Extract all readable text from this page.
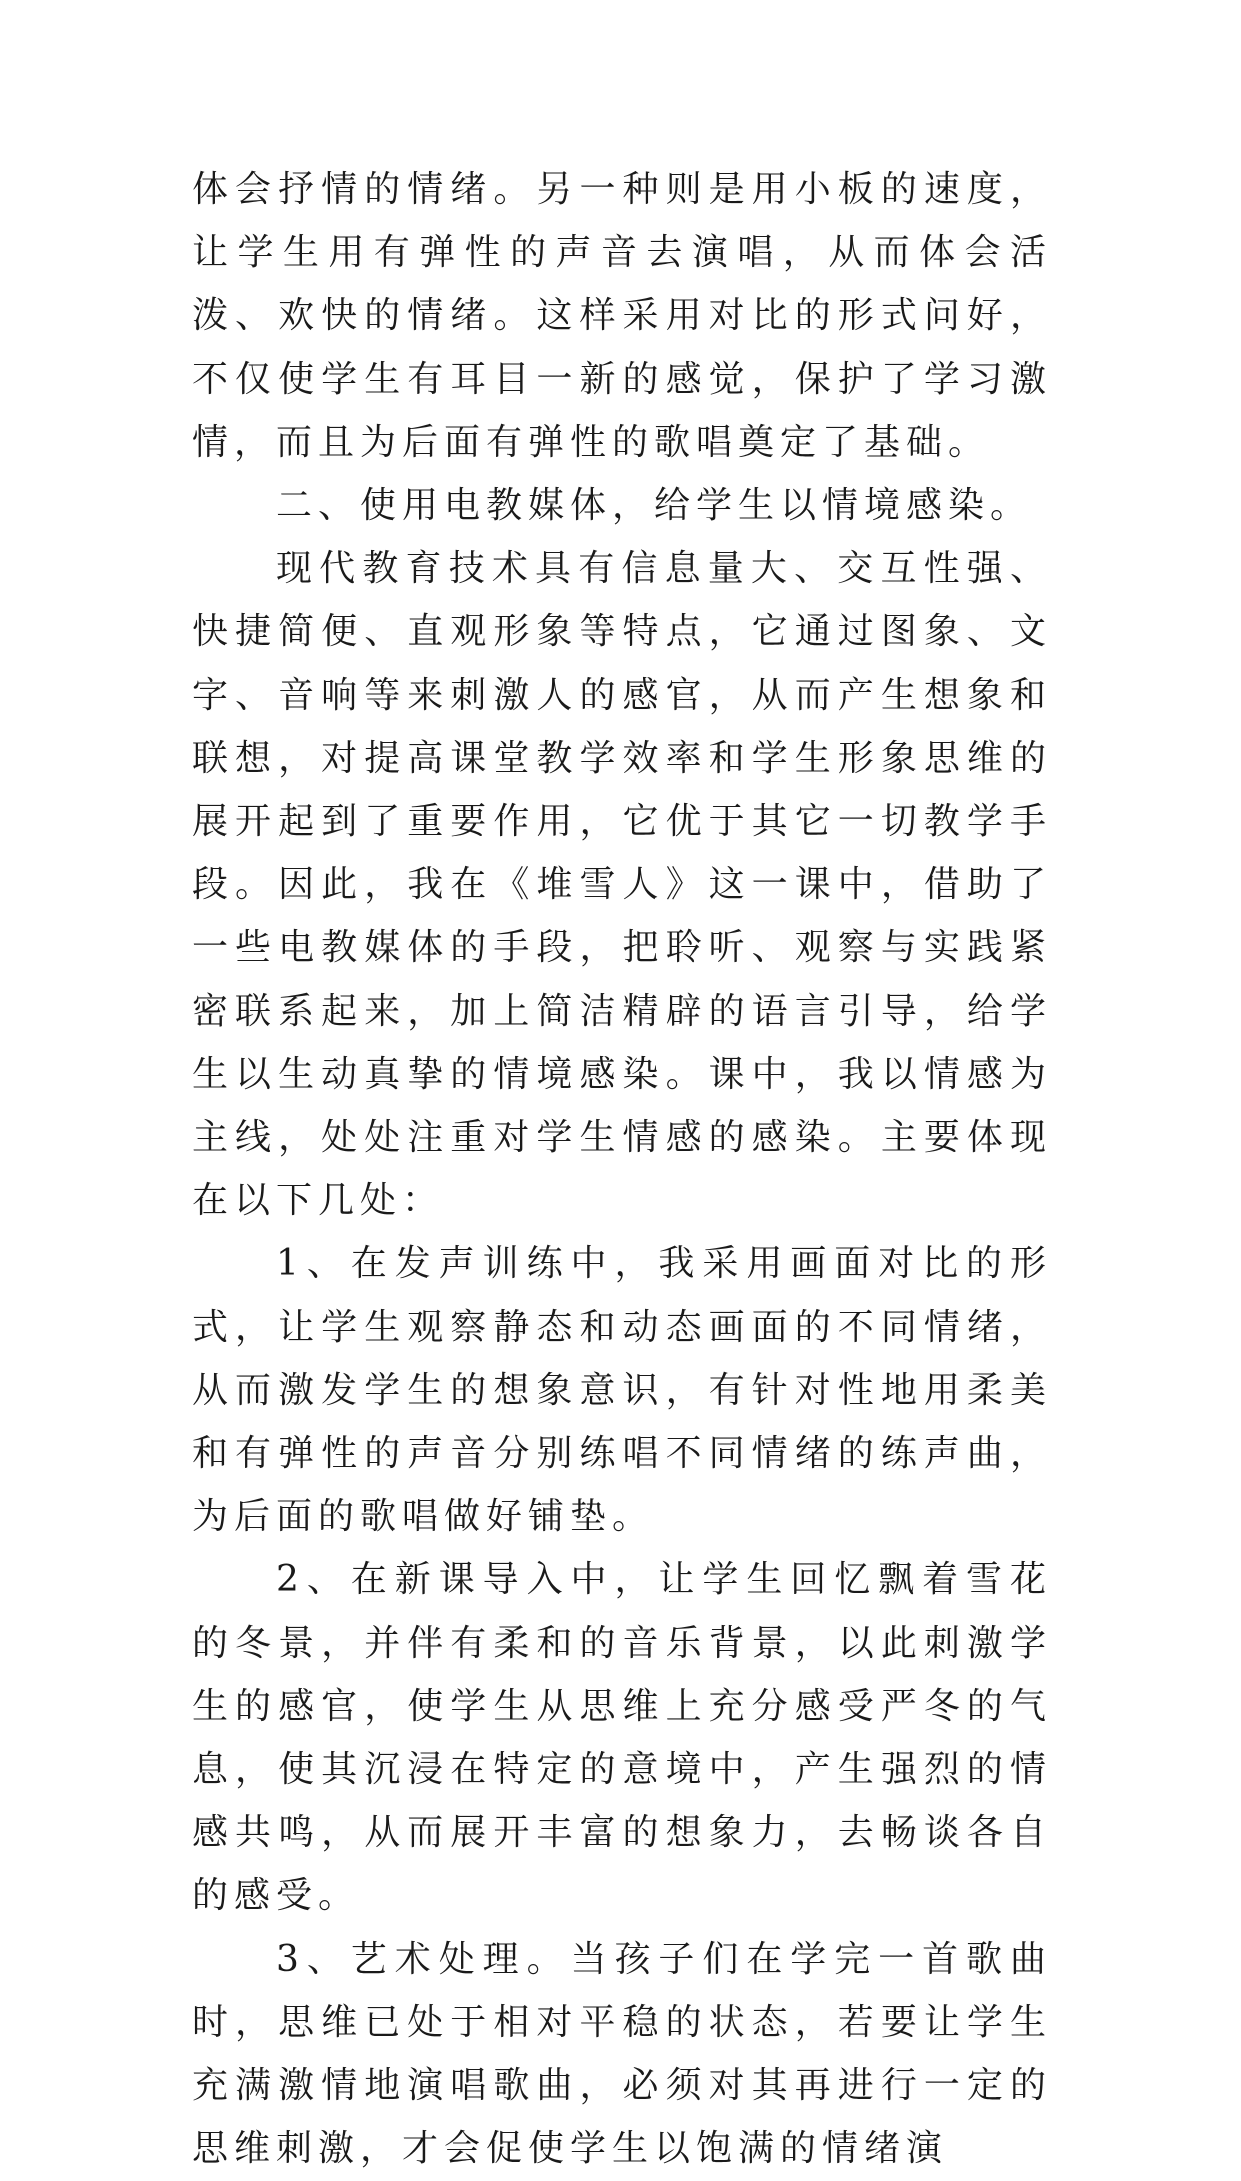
体会抒情的情绪。另一种则是用小板的速度，让学生用有弹性的声音去演唱，从而体会活泼、欢快的情绪。这样采用对比的形式问好，不仅使学生有耳目一新的感觉，保护了学习激情，而且为后面有弹性的歌唱奠定了基础。

二、使用电教媒体，给学生以情境感染。

现代教育技术具有信息量大、交互性强、快捷简便、直观形象等特点，它通过图象、文字、音响等来刺激人的感官，从而产生想象和联想，对提高课堂教学效率和学生形象思维的展开起到了重要作用，它优于其它一切教学手段。因此，我在《堆雪人》这一课中，借助了一些电教媒体的手段，把聆听、观察与实践紧密联系起来，加上简洁精辟的语言引导，给学生以生动真挚的情境感染。课中，我以情感为主线，处处注重对学生情感的感染。主要体现在以下几处：

1、在发声训练中，我采用画面对比的形式，让学生观察静态和动态画面的不同情绪，从而激发学生的想象意识，有针对性地用柔美和有弹性的声音分别练唱不同情绪的练声曲，为后面的歌唱做好铺垫。

2、在新课导入中，让学生回忆飘着雪花的冬景，并伴有柔和的音乐背景，以此刺激学生的感官，使学生从思维上充分感受严冬的气息，使其沉浸在特定的意境中，产生强烈的情感共鸣，从而展开丰富的想象力，去畅谈各自的感受。

3、艺术处理。当孩子们在学完一首歌曲时，思维已处于相对平稳的状态，若要让学生充满激情地演唱歌曲，必须对其再进行一定的思维刺激，才会促使学生以饱满的情绪演
